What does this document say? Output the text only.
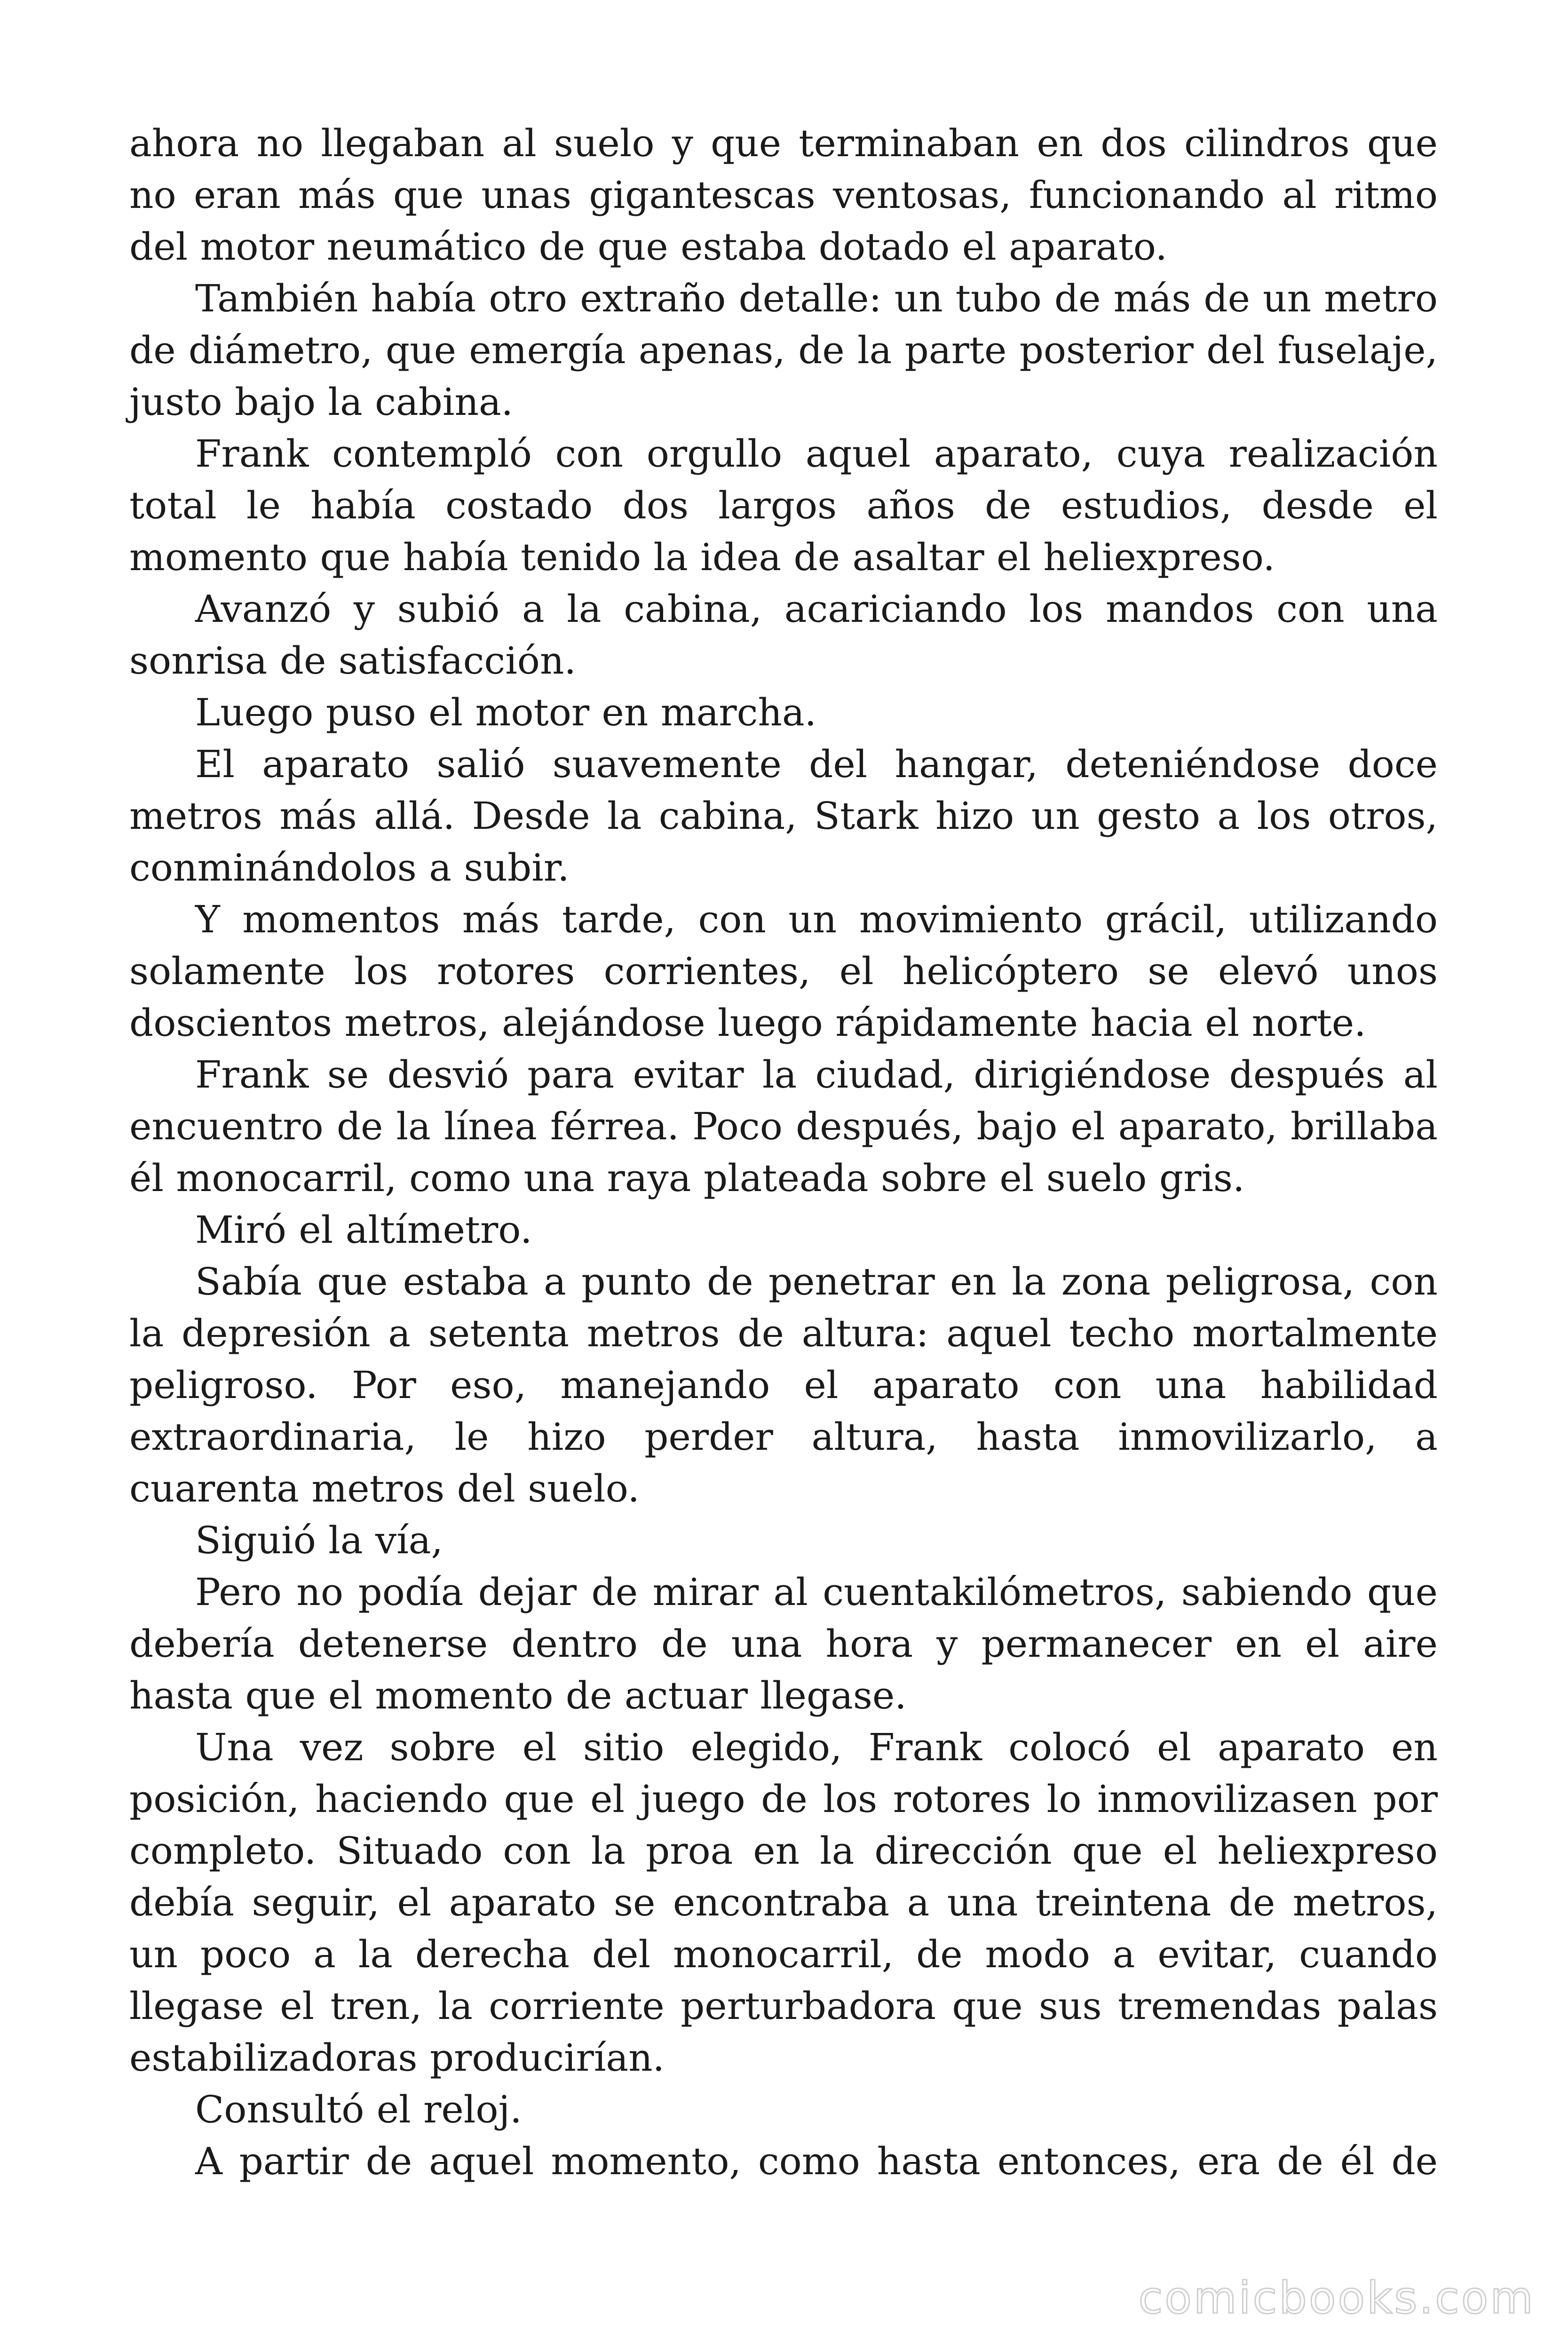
ahora no llegaban al suelo y que terminaban en dos cilindros que no eran más que unas gigantescas ventosas, funcionando al ritmo del motor neumático de que estaba dotado el aparato.

También había otro extraño detalle: un tubo de más de un metro de diámetro, que emergía apenas, de la parte posterior del fuselaje, justo bajo la cabina.

Frank contempló con orgullo aquel aparato, cuya realización total le había costado dos largos años de estudios, desde el momento que había tenido la idea de asaltar el heliexpreso.

Avanzó y subió a la cabina, acariciando los mandos con una sonrisa de satisfacción.

Luego puso el motor en marcha.

El aparato salió suavemente del hangar, deteniéndose doce metros más allá. Desde la cabina, Stark hizo un gesto a los otros, conminándolos a subir.

Y momentos más tarde, con un movimiento grácil, utilizando solamente los rotores corrientes, el helicóptero se elevó unos doscientos metros, alejándose luego rápidamente hacia el norte.

Frank se desvió para evitar la ciudad, dirigiéndose después al encuentro de la línea férrea. Poco después, bajo el aparato, brillaba él monocarril, como una raya plateada sobre el suelo gris.

Miró el altímetro.

Sabía que estaba a punto de penetrar en la zona peligrosa, con la depresión a setenta metros de altura: aquel techo mortalmente peligroso. Por eso, manejando el aparato con una habilidad extraordinaria, le hizo perder altura, hasta inmovilizarlo, a cuarenta metros del suelo.

Siguió la vía,

Pero no podía dejar de mirar al cuentakilómetros, sabiendo que debería detenerse dentro de una hora y permanecer en el aire hasta que el momento de actuar llegase.

Una vez sobre el sitio elegido, Frank colocó el aparato en posición, haciendo que el juego de los rotores lo inmovilizasen por completo. Situado con la proa en la dirección que el heliexpreso debía seguir, el aparato se encontraba a una treintena de metros, un poco a la derecha del monocarril, de modo a evitar, cuando llegase el tren, la corriente perturbadora que sus tremendas palas estabilizadoras producirían.

Consultó el reloj.

A partir de aquel momento, como hasta entonces, era de él de

comicbooks.com
